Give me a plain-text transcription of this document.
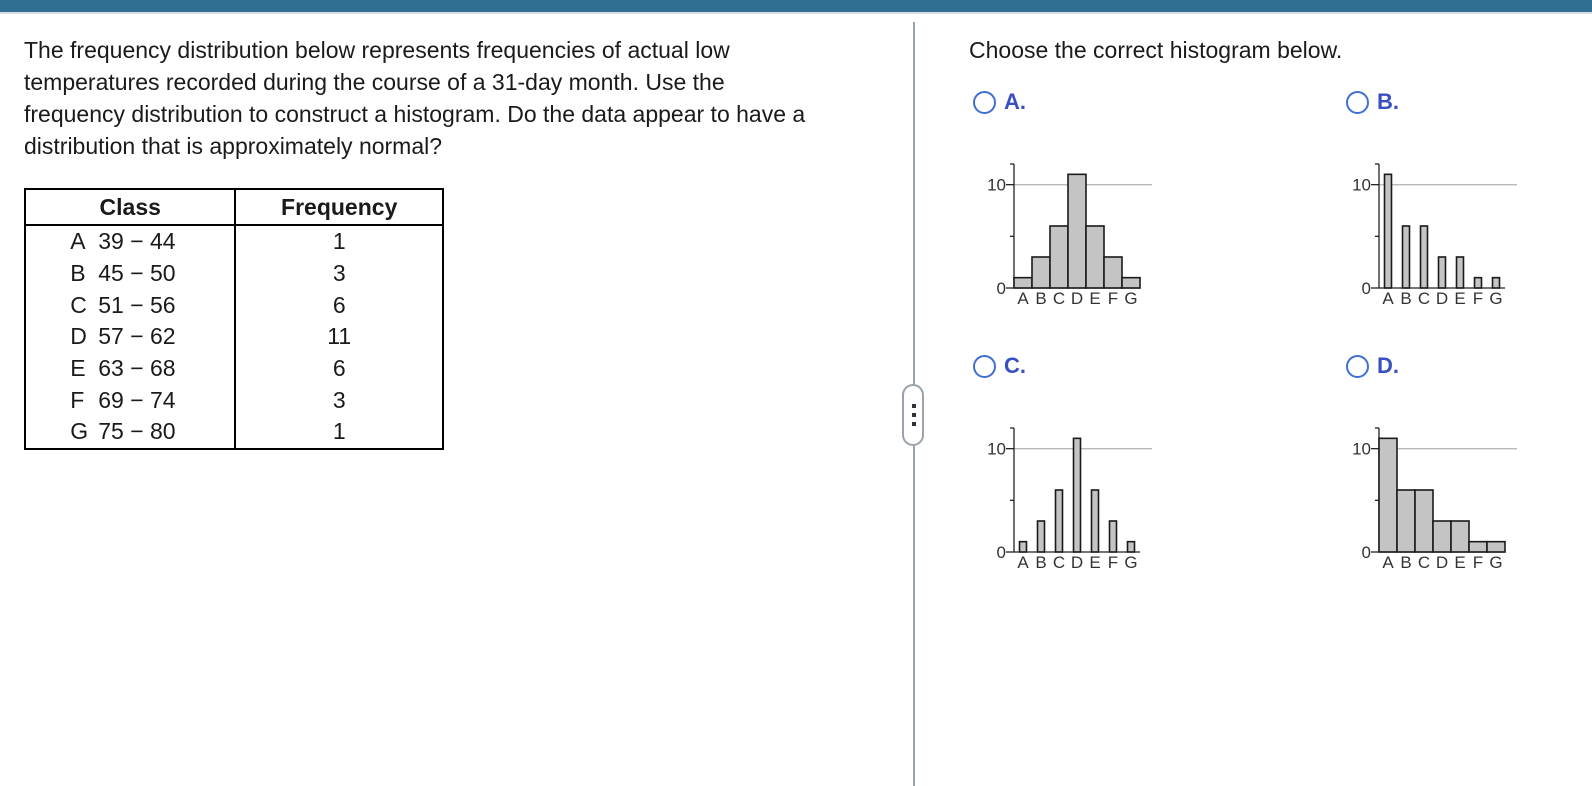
The frequency distribution below represents frequencies of actual low temperatures recorded during the course of a 31-day month. Use the frequency distribution to construct a histogram. Do the data appear to have a distribution that is approximately normal?

Class	Frequency
A 39 − 44	1
B 45 − 50	3
C 51 − 56	6
D 57 − 62	11
E 63 − 68	6
F 69 − 74	3
G 75 − 80	1

Choose the correct histogram below.

A.	B.
C.	D.
0
10
A B C D E F G
0
10
A B C D E F G
0
10
A B C D E F G
0
10
A B C D E F G
